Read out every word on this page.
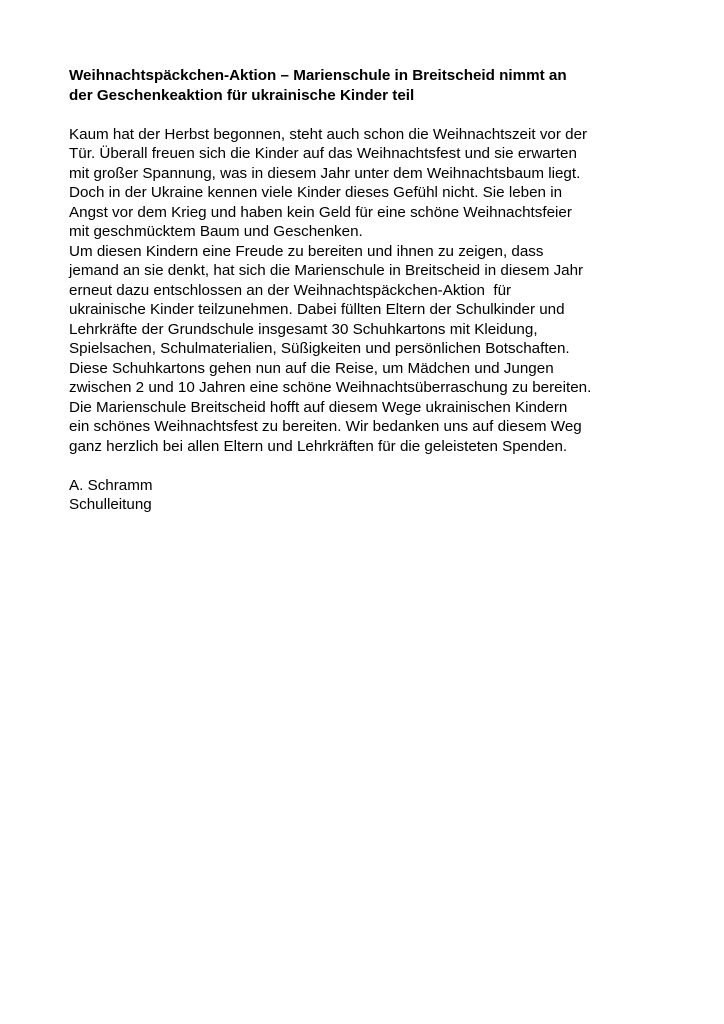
Weihnachtspäckchen-Aktion – Marienschule in Breitscheid nimmt an
der Geschenkeaktion für ukrainische Kinder teil
Kaum hat der Herbst begonnen, steht auch schon die Weihnachtszeit vor der
Tür. Überall freuen sich die Kinder auf das Weihnachtsfest und sie erwarten
mit großer Spannung, was in diesem Jahr unter dem Weihnachtsbaum liegt.
Doch in der Ukraine kennen viele Kinder dieses Gefühl nicht. Sie leben in
Angst vor dem Krieg und haben kein Geld für eine schöne Weihnachtsfeier
mit geschmücktem Baum und Geschenken.
Um diesen Kindern eine Freude zu bereiten und ihnen zu zeigen, dass
jemand an sie denkt, hat sich die Marienschule in Breitscheid in diesem Jahr
erneut dazu entschlossen an der Weihnachtspäckchen-Aktion  für
ukrainische Kinder teilzunehmen. Dabei füllten Eltern der Schulkinder und
Lehrkräfte der Grundschule insgesamt 30 Schuhkartons mit Kleidung,
Spielsachen, Schulmaterialien, Süßigkeiten und persönlichen Botschaften.
Diese Schuhkartons gehen nun auf die Reise, um Mädchen und Jungen
zwischen 2 und 10 Jahren eine schöne Weihnachtsüberraschung zu bereiten.
Die Marienschule Breitscheid hofft auf diesem Wege ukrainischen Kindern
ein schönes Weihnachtsfest zu bereiten. Wir bedanken uns auf diesem Weg
ganz herzlich bei allen Eltern und Lehrkräften für die geleisteten Spenden.
A. Schramm
Schulleitung
